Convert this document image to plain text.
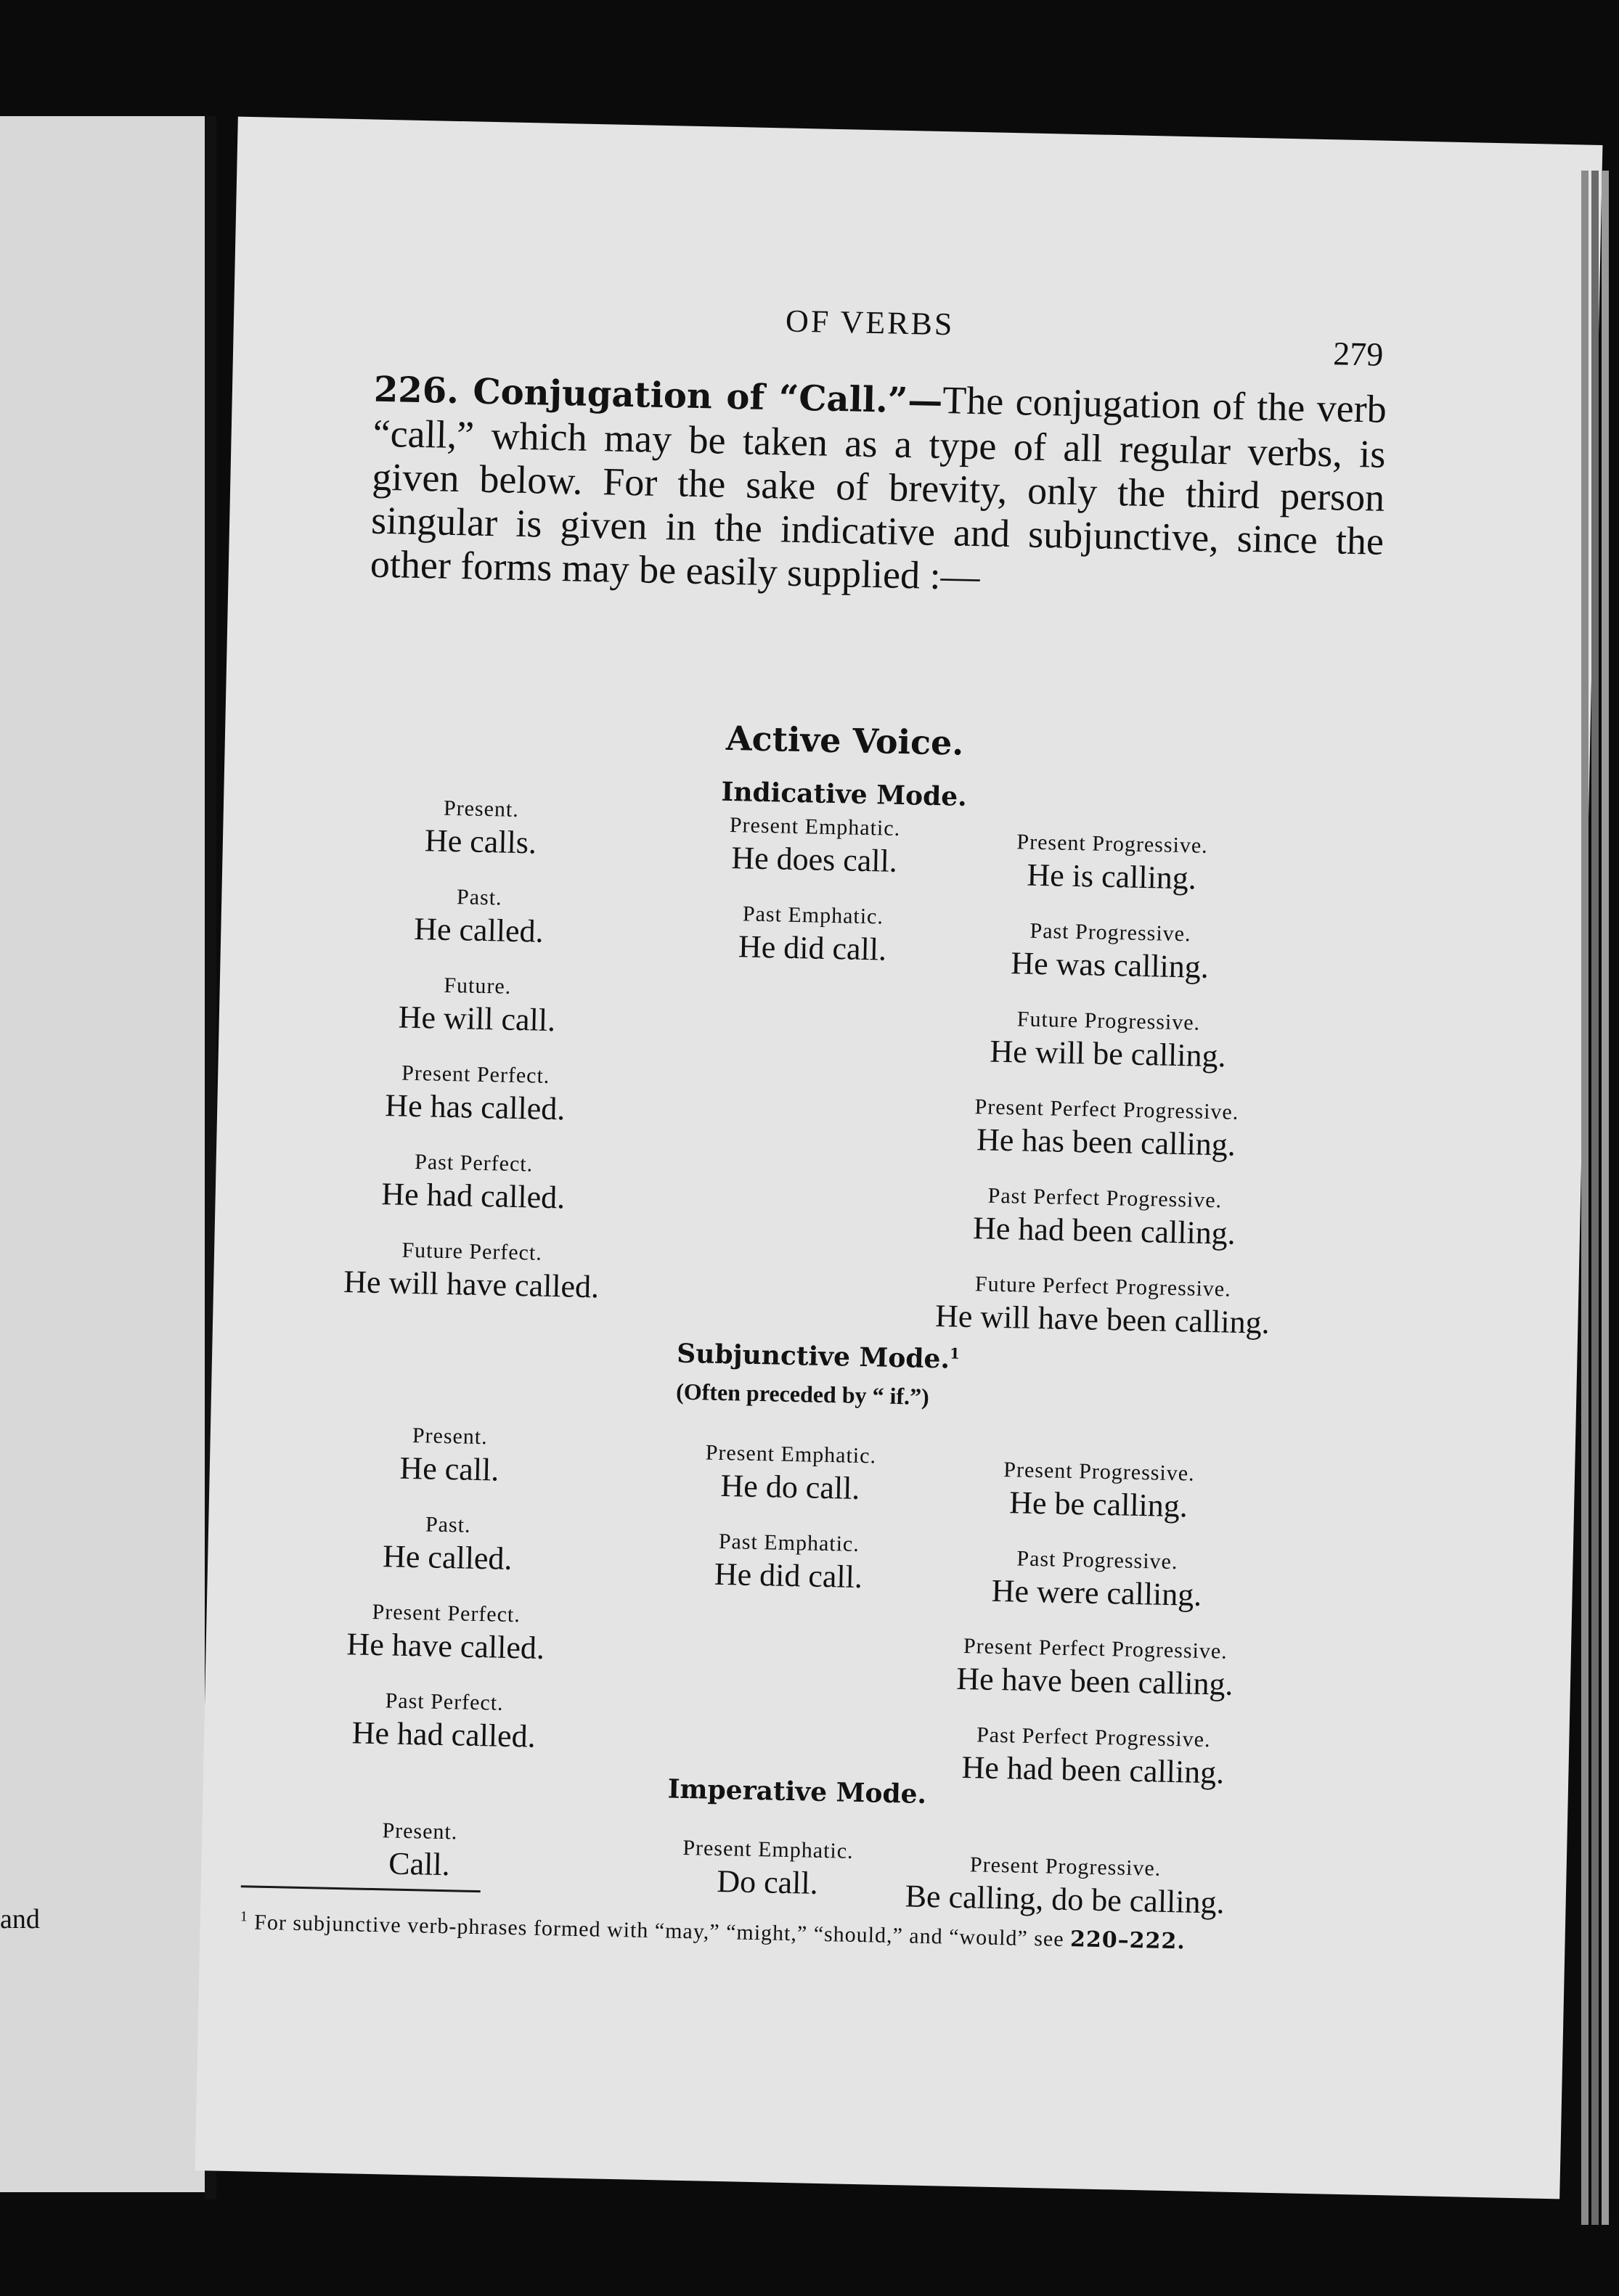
and
OF VERBS
279
226. Conjugation of “Call.”—The conjugation of the verb “call,” which may be taken as a type of all regular verbs, is given below. For the sake of brevity, only the third person singular is given in the indicative and subjunctive, since the other forms may be easily supplied :—
Active Voice.
Indicative Mode.
Present.
He calls.
Past.
He called.
Future.
He will call.
Present Perfect.
He has called.
Past Perfect.
He had called.
Future Perfect.
He will have called.
Present Emphatic.
He does call.
Past Emphatic.
He did call.
Present Progressive.
He is calling.
Past Progressive.
He was calling.
Future Progressive.
He will be calling.
Present Perfect Progressive.
He has been calling.
Past Perfect Progressive.
He had been calling.
Future Perfect Progressive.
He will have been calling.
Subjunctive Mode.$^1$
(Often preceded by “ if.”)
Present.
He call.
Past.
He called.
Present Perfect.
He have called.
Past Perfect.
He had called.
Present Emphatic.
He do call.
Past Emphatic.
He did call.
Present Progressive.
He be calling.
Past Progressive.
He were calling.
Present Perfect Progressive.
He have been calling.
Past Perfect Progressive.
He had been calling.
Imperative Mode.
Present.
Call.	Present Emphatic.
Do call.	Present Progressive.
Be calling, do be calling.
$^1$ For subjunctive verb-phrases formed with “may,” “might,” “should,” and “would” see 220–222.
